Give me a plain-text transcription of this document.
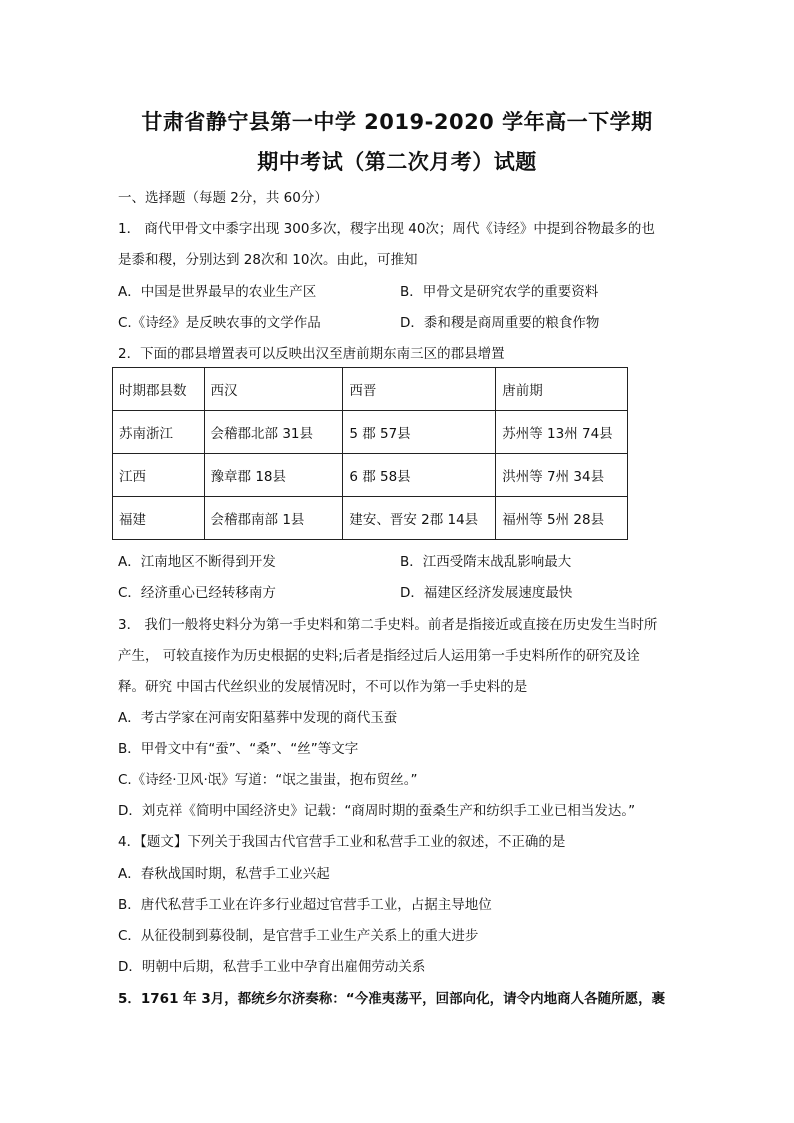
甘肃省静宁县第一中学 2019-2020 学年高一下学期
期中考试（第二次月考）试题
一、选择题（每题 2分，共 60分）
1． 商代甲骨文中黍字出现 300多次，稷字出现 40次；周代《诗经》中提到谷物最多的也
是黍和稷，分别达到 28次和 10次。由此，可推知
A．中国是世界最早的农业生产区	B．甲骨文是研究农学的重要资料
C.《诗经》是反映农事的文学作品	D．黍和稷是商周重要的粮食作物
2．下面的郡县增置表可以反映出汉至唐前期东南三区的郡县增置
时期郡县数	西汉	西晋	唐前期
苏南浙江	会稽郡北部 31县	5 郡 57县	苏州等 13州 74县
江西	豫章郡 18县	6 郡 58县	洪州等 7州 34县
福建	会稽郡南部 1县	建安、晋安 2郡 14县	福州等 5州 28县
A．江南地区不断得到开发	B．江西受隋末战乱影响最大
C．经济重心已经转移南方	D．福建区经济发展速度最快
3． 我们一般将史料分为第一手史料和第二手史料。前者是指接近或直接在历史发生当时所
产生， 可较直接作为历史根据的史料;后者是指经过后人运用第一手史料所作的研究及诠
释。研究 中国古代丝织业的发展情况时，不可以作为第一手史料的是
A．考古学家在河南安阳墓葬中发现的商代玉蚕
B．甲骨文中有“蚕”、“桑”、“丝”等文字
C.《诗经·卫风·氓》写道：“氓之蚩蚩，抱布贸丝。”
D．刘克祥《简明中国经济史》记载：“商周时期的蚕桑生产和纺织手工业已相当发达。”
4．【题文】下列关于我国古代官营手工业和私营手工业的叙述，不正确的是
A．春秋战国时期，私营手工业兴起
B．唐代私营手工业在许多行业超过官营手工业，占据主导地位
C．从征役制到募役制，是官营手工业生产关系上的重大进步
D．明朝中后期，私营手工业中孕育出雇佣劳动关系
5．1761 年 3月，都统乡尔济奏称：“今准夷荡平，回部向化，请令内地商人各随所愿，裹
